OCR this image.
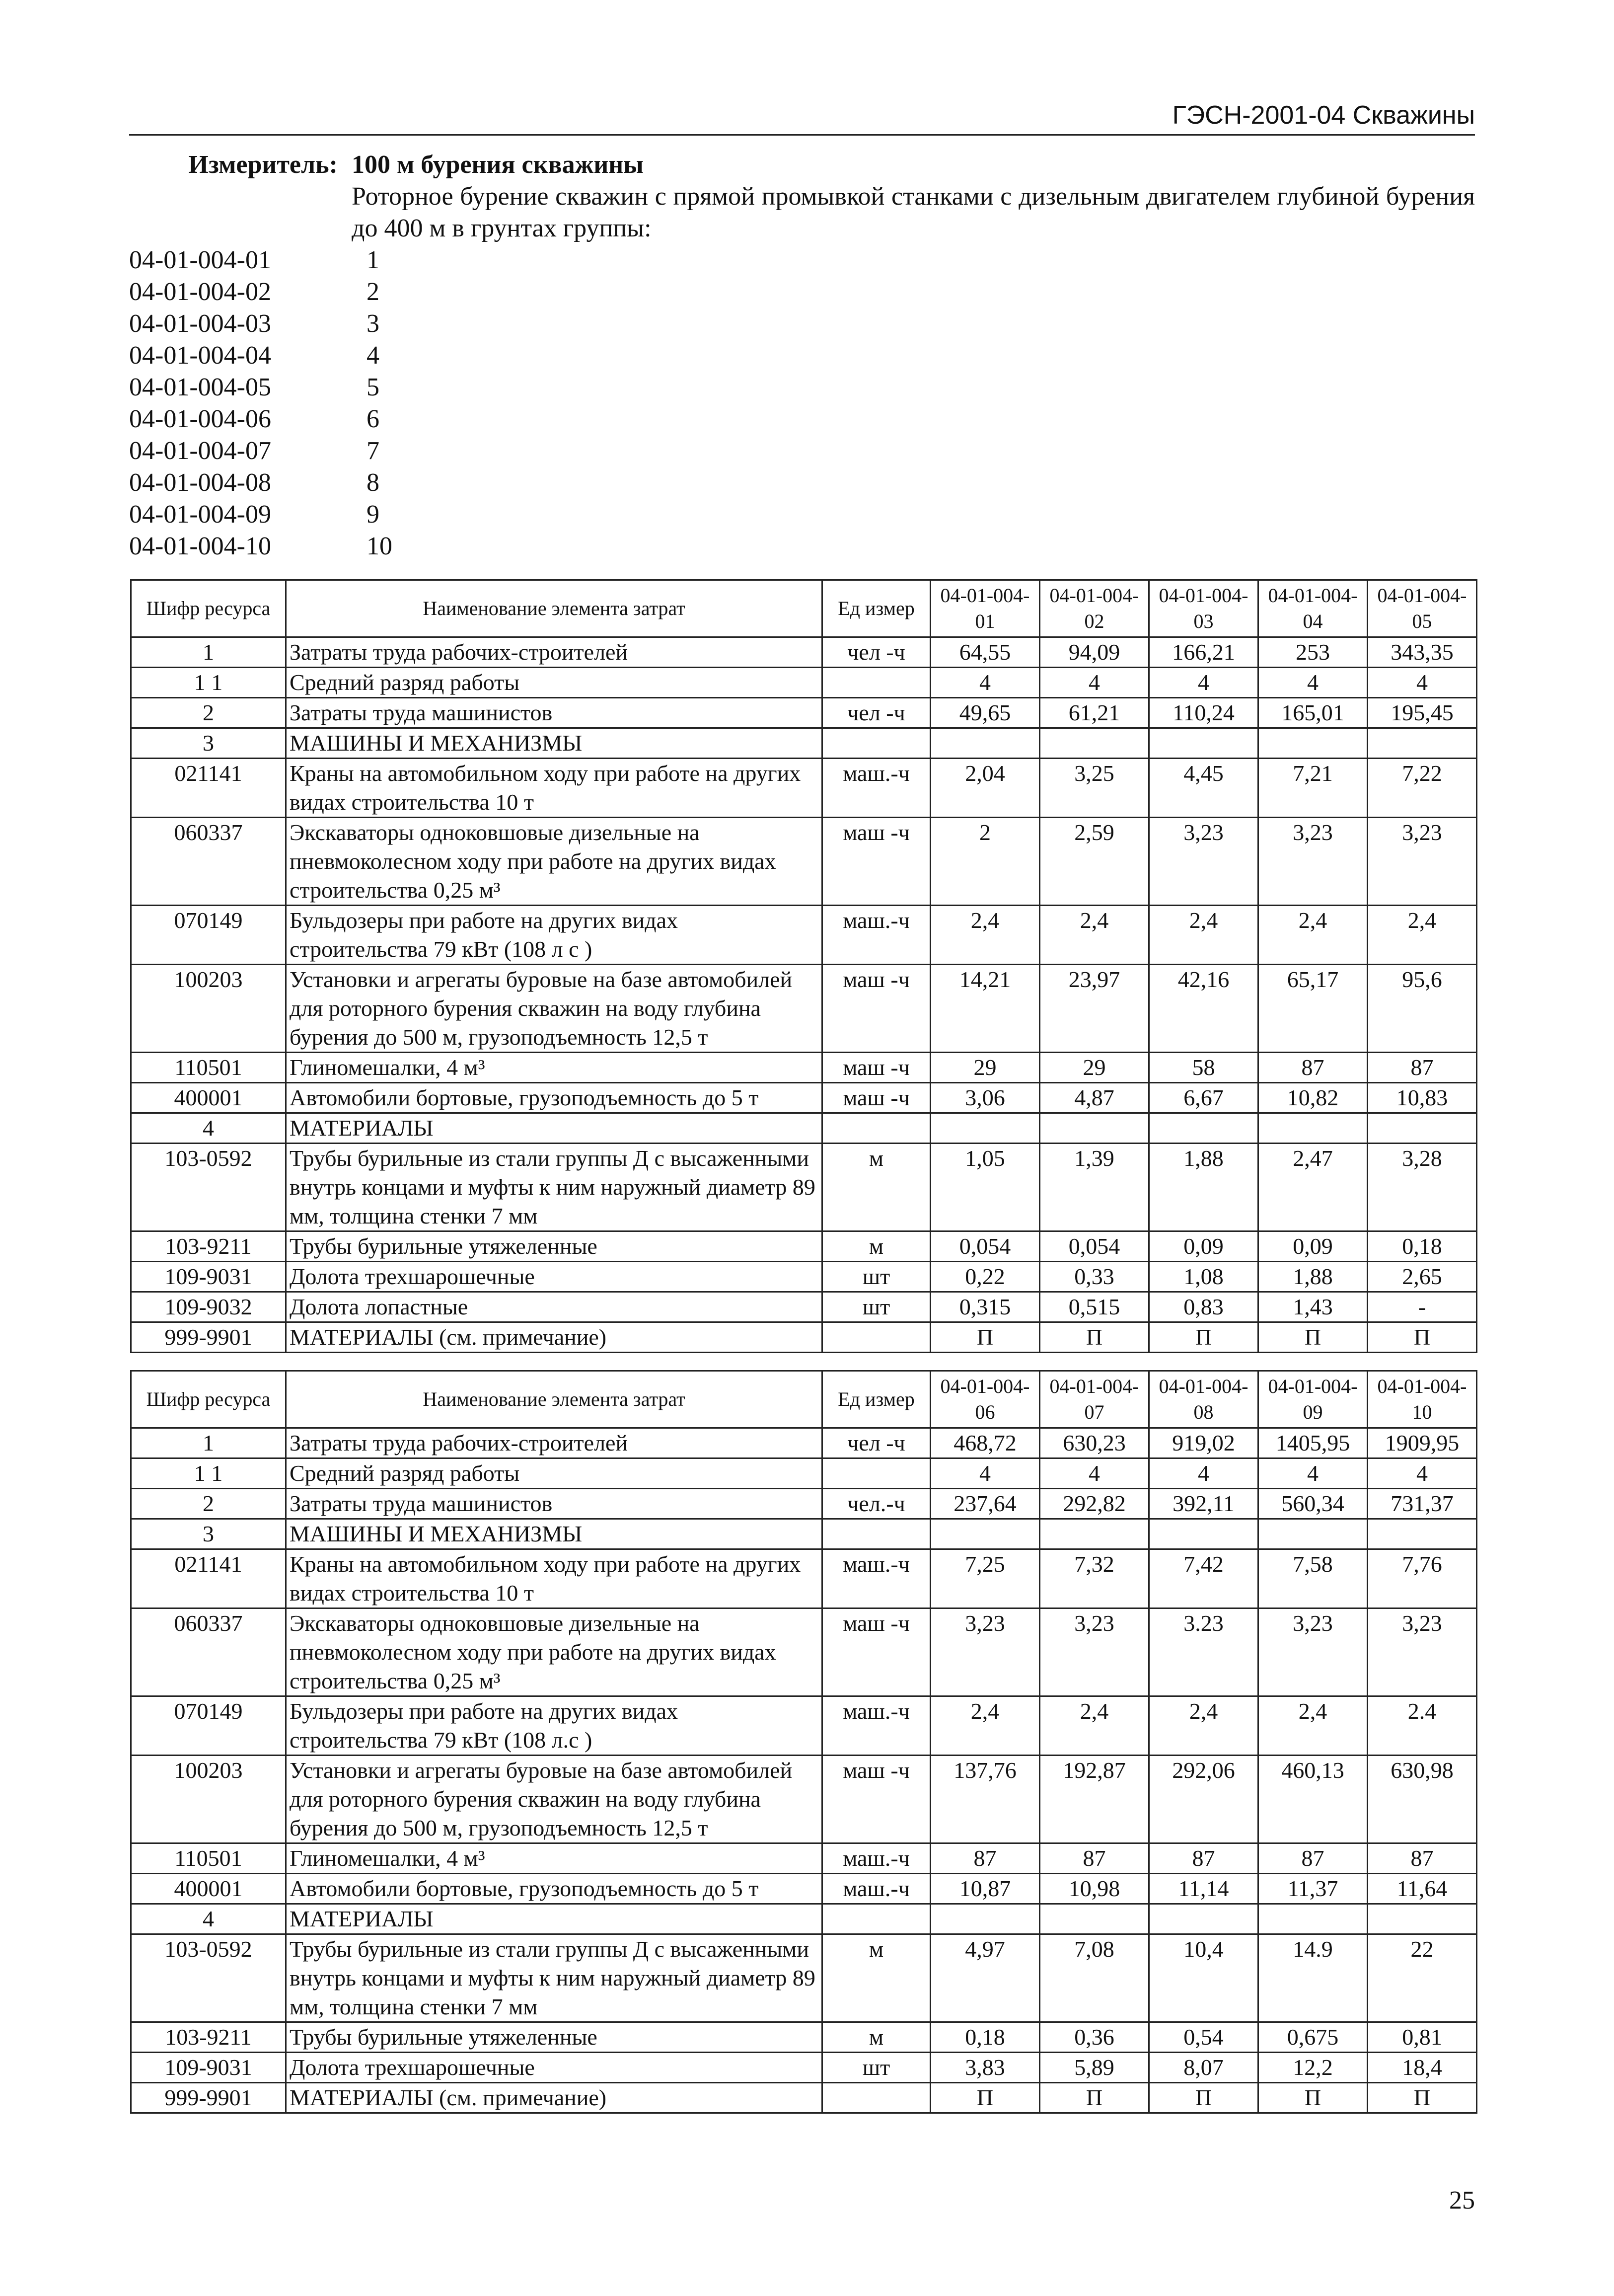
ГЭСН-2001-04 Скважины
Измеритель: 100 м бурения скважины
Роторное бурение скважин с прямой промывкой станками с дизельным двигателем глубиной бурения до 400 м в грунтах группы:
04-01-004-01	1
04-01-004-02	2
04-01-004-03	3
04-01-004-04	4
04-01-004-05	5
04-01-004-06	6
04-01-004-07	7
04-01-004-08	8
04-01-004-09	9
04-01-004-10	10
Шифр ресурса	Наименование элемента затрат	Ед измер	04-01-004-01	04-01-004-02	04-01-004-03	04-01-004-04	04-01-004-05
1	Затраты труда рабочих-строителей	чел -ч	64,55	94,09	166,21	253	343,35
1 1	Средний разряд работы		4	4	4	4	4
2	Затраты труда машинистов	чел -ч	49,65	61,21	110,24	165,01	195,45
3	МАШИНЫ И МЕХАНИЗМЫ						
021141	Краны на автомобильном ходу при работе на других видах строительства 10 т	маш.-ч	2,04	3,25	4,45	7,21	7,22
060337	Экскаваторы одноковшовые дизельные на пневмоколесном ходу при работе на других видах строительства 0,25 м³	маш -ч	2	2,59	3,23	3,23	3,23
070149	Бульдозеры при работе на других видах строительства 79 кВт (108 л с )	маш.-ч	2,4	2,4	2,4	2,4	2,4
100203	Установки и агрегаты буровые на базе автомобилей для роторного бурения скважин на воду глубина бурения до 500 м, грузоподъемность 12,5 т	маш -ч	14,21	23,97	42,16	65,17	95,6
110501	Глиномешалки, 4 м³	маш -ч	29	29	58	87	87
400001	Автомобили бортовые, грузоподъемность до 5 т	маш -ч	3,06	4,87	6,67	10,82	10,83
4	МАТЕРИАЛЫ						
103-0592	Трубы бурильные из стали группы Д с высаженными внутрь концами и муфты к ним наружный диаметр 89 мм, толщина стенки 7 мм	м	1,05	1,39	1,88	2,47	3,28
103-9211	Трубы бурильные утяжеленные	м	0,054	0,054	0,09	0,09	0,18
109-9031	Долота трехшарошечные	шт	0,22	0,33	1,08	1,88	2,65
109-9032	Долота лопастные	шт	0,315	0,515	0,83	1,43	-
999-9901	МАТЕРИАЛЫ (см. примечание)		П	П	П	П	П
Шифр ресурса	Наименование элемента затрат	Ед измер	04-01-004-06	04-01-004-07	04-01-004-08	04-01-004-09	04-01-004-10
1	Затраты труда рабочих-строителей	чел -ч	468,72	630,23	919,02	1405,95	1909,95
1 1	Средний разряд работы		4	4	4	4	4
2	Затраты труда машинистов	чел.-ч	237,64	292,82	392,11	560,34	731,37
3	МАШИНЫ И МЕХАНИЗМЫ						
021141	Краны на автомобильном ходу при работе на других видах строительства 10 т	маш.-ч	7,25	7,32	7,42	7,58	7,76
060337	Экскаваторы одноковшовые дизельные на пневмоколесном ходу при работе на других видах строительства 0,25 м³	маш -ч	3,23	3,23	3.23	3,23	3,23
070149	Бульдозеры при работе на других видах строительства 79 кВт (108 л.с )	маш.-ч	2,4	2,4	2,4	2,4	2.4
100203	Установки и агрегаты буровые на базе автомобилей для роторного бурения скважин на воду глубина бурения до 500 м, грузоподъемность 12,5 т	маш -ч	137,76	192,87	292,06	460,13	630,98
110501	Глиномешалки, 4 м³	маш.-ч	87	87	87	87	87
400001	Автомобили бортовые, грузоподъемность до 5 т	маш.-ч	10,87	10,98	11,14	11,37	11,64
4	МАТЕРИАЛЫ						
103-0592	Трубы бурильные из стали группы Д с высаженными внутрь концами и муфты к ним наружный диаметр 89 мм, толщина стенки 7 мм	м	4,97	7,08	10,4	14.9	22
103-9211	Трубы бурильные утяжеленные	м	0,18	0,36	0,54	0,675	0,81
109-9031	Долота трехшарошечные	шт	3,83	5,89	8,07	12,2	18,4
999-9901	МАТЕРИАЛЫ (см. примечание)		П	П	П	П	П
25
